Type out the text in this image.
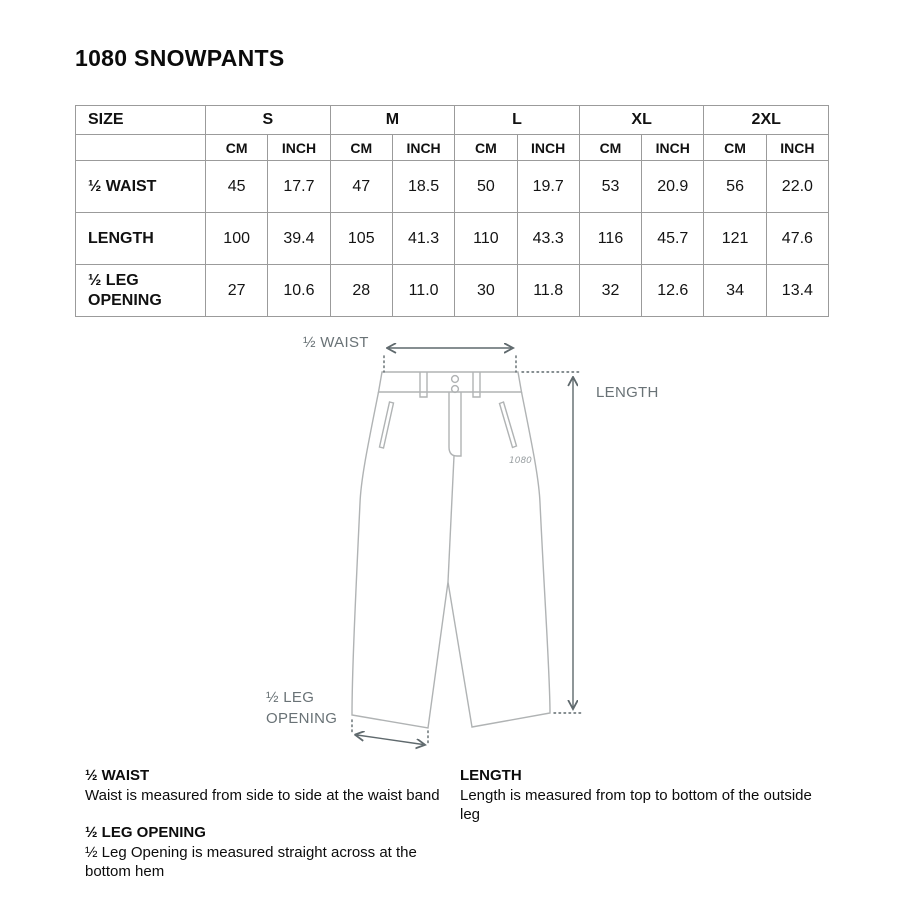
1080 SNOWPANTS
SIZE	S		M		L		XL		2XL	
	CM	INCH	CM	INCH	CM	INCH	CM	INCH	CM	INCH
½ WAIST	45	17.7	47	18.5	50	19.7	53	20.9	56	22.0
LENGTH	100	39.4	105	41.3	110	43.3	116	45.7	121	47.6
½ LEG OPENING	27	10.6	28	11.0	30	11.8	32	12.6	34	13.4
1080
½ WAIST
LENGTH
½ LEG
OPENING
½ WAIST
Waist is measured from side to side at the waist band
½ LEG OPENING
½ Leg Opening is measured straight across at the bottom hem
LENGTH
Length is measured from top to bottom of the outside leg
